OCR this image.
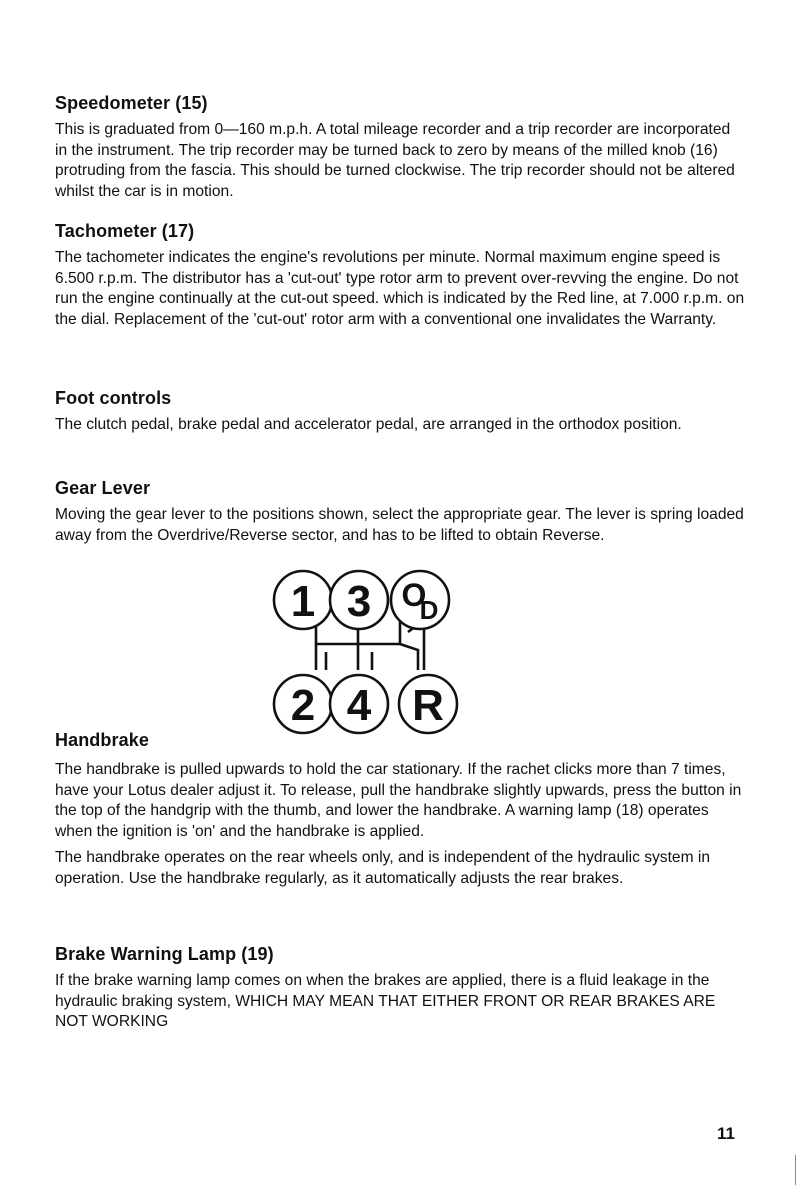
Speedometer (15)

This is graduated from 0—160 m.p.h. A total mileage recorder and a trip recorder are incorporated in the instrument. The trip recorder may be turned back to zero by means of the milled knob (16) protruding from the fascia. This should be turned clockwise. The trip recorder should not be altered whilst the car is in motion.

Tachometer (17)

The tachometer indicates the engine's revolutions per minute. Normal maximum engine speed is 6.500 r.p.m. The distributor has a 'cut-out' type rotor arm to prevent over-revving the engine. Do not run the engine continually at the cut-out speed. which is indicated by the Red line, at 7.000 r.p.m. on the dial. Replacement of the 'cut-out' rotor arm with a conventional one invalidates the Warranty.

Foot controls

The clutch pedal, brake pedal and accelerator pedal, are arranged in the orthodox position.

Gear Lever

Moving the gear lever to the positions shown, select the appropriate gear. The lever is spring loaded away from the Overdrive/Reverse sector, and has to be lifted to obtain Reverse.

1 3 O
D
2 4 R
Handbrake

The handbrake is pulled upwards to hold the car stationary. If the rachet clicks more than 7 times, have your Lotus dealer adjust it. To release, pull the handbrake slightly upwards, press the button in the top of the handgrip with the thumb, and lower the handbrake. A warning lamp (18) operates when the ignition is 'on' and the handbrake is applied.

The handbrake operates on the rear wheels only, and is independent of the hydraulic system in operation. Use the handbrake regularly, as it automatically adjusts the rear brakes.

Brake Warning Lamp (19)

If the brake warning lamp comes on when the brakes are applied, there is a fluid leakage in the hydraulic braking system, WHICH MAY MEAN THAT EITHER FRONT OR REAR BRAKES ARE NOT WORKING

11
